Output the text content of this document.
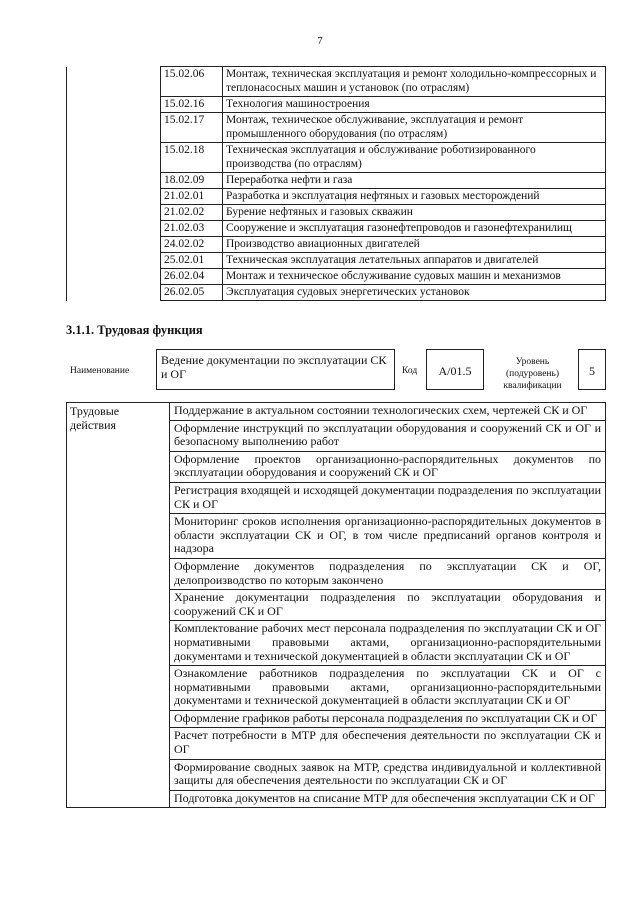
7
	15.02.06	Монтаж, техническая эксплуатация и ремонт холодильно-компрессорных и теплонасосных машин и установок (по отраслям)
	15.02.16	Технология машиностроения
	15.02.17	Монтаж, техническое обслуживание, эксплуатация и ремонт промышленного оборудования (по отраслям)
	15.02.18	Техническая эксплуатация и обслуживание роботизированного производства (по отраслям)
	18.02.09	Переработка нефти и газа
	21.02.01	Разработка и эксплуатация нефтяных и газовых месторождений
	21.02.02	Бурение нефтяных и газовых скважин
	21.02.03	Сооружение и эксплуатация газонефтепроводов и газонефтехранилищ
	24.02.02	Производство авиационных двигателей
	25.02.01	Техническая эксплуатация летательных аппаратов и двигателей
	26.02.04	Монтаж и техническое обслуживание судовых машин и механизмов
	26.02.05	Эксплуатация судовых энергетических установок
3.1.1. Трудовая функция
Наименование
Ведение документации по эксплуатации СК и ОГ	Код	А/01.5
Уровень (подуровень) квалификации
5
Трудовые действия	Поддержание в актуальном состоянии технологических схем, чертежей СК и ОГ
Оформление инструкций по эксплуатации оборудования и сооружений СК и ОГ и безопасному выполнению работ
Оформление проектов организационно-распорядительных документов по эксплуатации оборудования и сооружений СК и ОГ
Регистрация входящей и исходящей документации подразделения по эксплуатации СК и ОГ
Мониторинг сроков исполнения организационно-распорядительных документов в области эксплуатации СК и ОГ, в том числе предписаний органов контроля и надзора
Оформление документов подразделения по эксплуатации СК и ОГ, делопроизводство по которым закончено
Хранение документации подразделения по эксплуатации оборудования и сооружений СК и ОГ
Комплектование рабочих мест персонала подразделения по эксплуатации СК и ОГ нормативными правовыми актами, организационно-распорядительными документами и технической документацией в области эксплуатации СК и ОГ
Ознакомление работников подразделения по эксплуатации СК и ОГ с нормативными правовыми актами, организационно-распорядительными документами и технической документацией в области эксплуатации СК и ОГ
Оформление графиков работы персонала подразделения по эксплуатации СК и ОГ
Расчет потребности в МТР для обеспечения деятельности по эксплуатации СК и ОГ
Формирование сводных заявок на МТР, средства индивидуальной и коллективной защиты для обеспечения деятельности по эксплуатации СК и ОГ
Подготовка документов на списание МТР для обеспечения эксплуатации СК и ОГ
